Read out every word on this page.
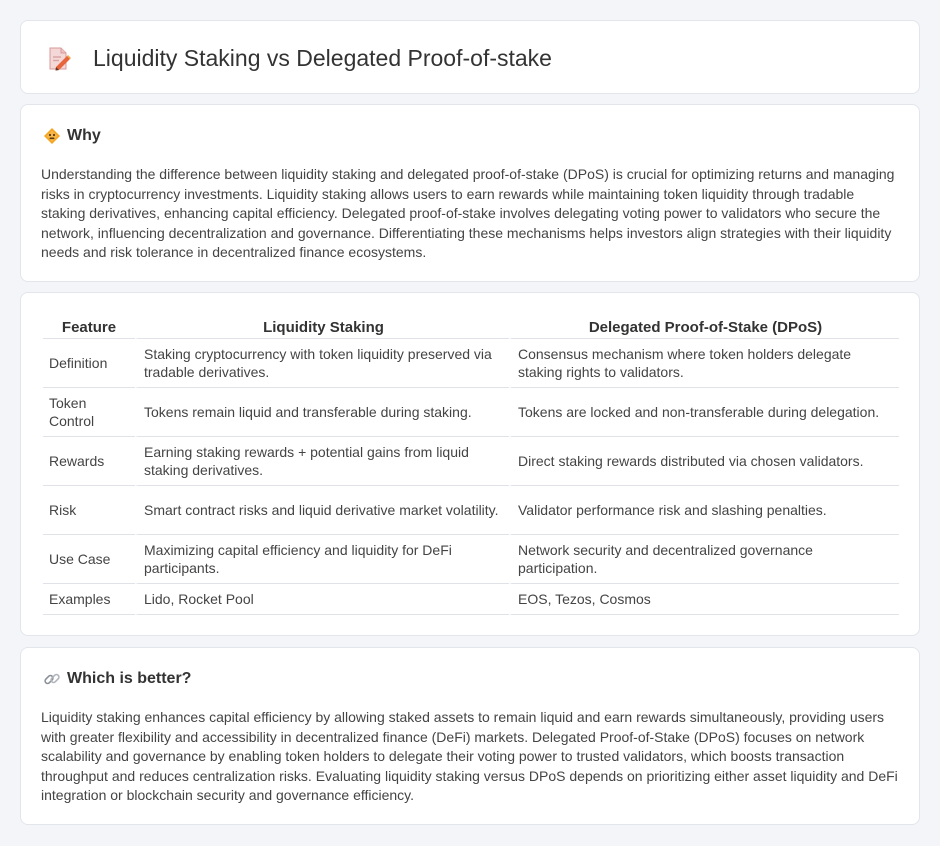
Liquidity Staking vs Delegated Proof-of-stake
Why

Understanding the difference between liquidity staking and delegated proof-of-stake (DPoS) is crucial for optimizing returns and managing risks in cryptocurrency investments. Liquidity staking allows users to earn rewards while maintaining token liquidity through tradable staking derivatives, enhancing capital efficiency. Delegated proof-of-stake involves delegating voting power to validators who secure the network, influencing decentralization and governance. Differentiating these mechanisms helps investors align strategies with their liquidity needs and risk tolerance in decentralized finance ecosystems.

Feature	Liquidity Staking	Delegated Proof-of-Stake (DPoS)
Definition	Staking cryptocurrency with token liquidity preserved via tradable derivatives.	Consensus mechanism where token holders delegate staking rights to validators.
Token Control	Tokens remain liquid and transferable during staking.	Tokens are locked and non-transferable during delegation.
Rewards	Earning staking rewards + potential gains from liquid staking derivatives.	Direct staking rewards distributed via chosen validators.
Risk	Smart contract risks and liquid derivative market volatility.	Validator performance risk and slashing penalties.
Use Case	Maximizing capital efficiency and liquidity for DeFi participants.	Network security and decentralized governance participation.
Examples	Lido, Rocket Pool	EOS, Tezos, Cosmos
Which is better?

Liquidity staking enhances capital efficiency by allowing staked assets to remain liquid and earn rewards simultaneously, providing users with greater flexibility and accessibility in decentralized finance (DeFi) markets. Delegated Proof-of-Stake (DPoS) focuses on network scalability and governance by enabling token holders to delegate their voting power to trusted validators, which boosts transaction throughput and reduces centralization risks. Evaluating liquidity staking versus DPoS depends on prioritizing either asset liquidity and DeFi integration or blockchain security and governance efficiency.
